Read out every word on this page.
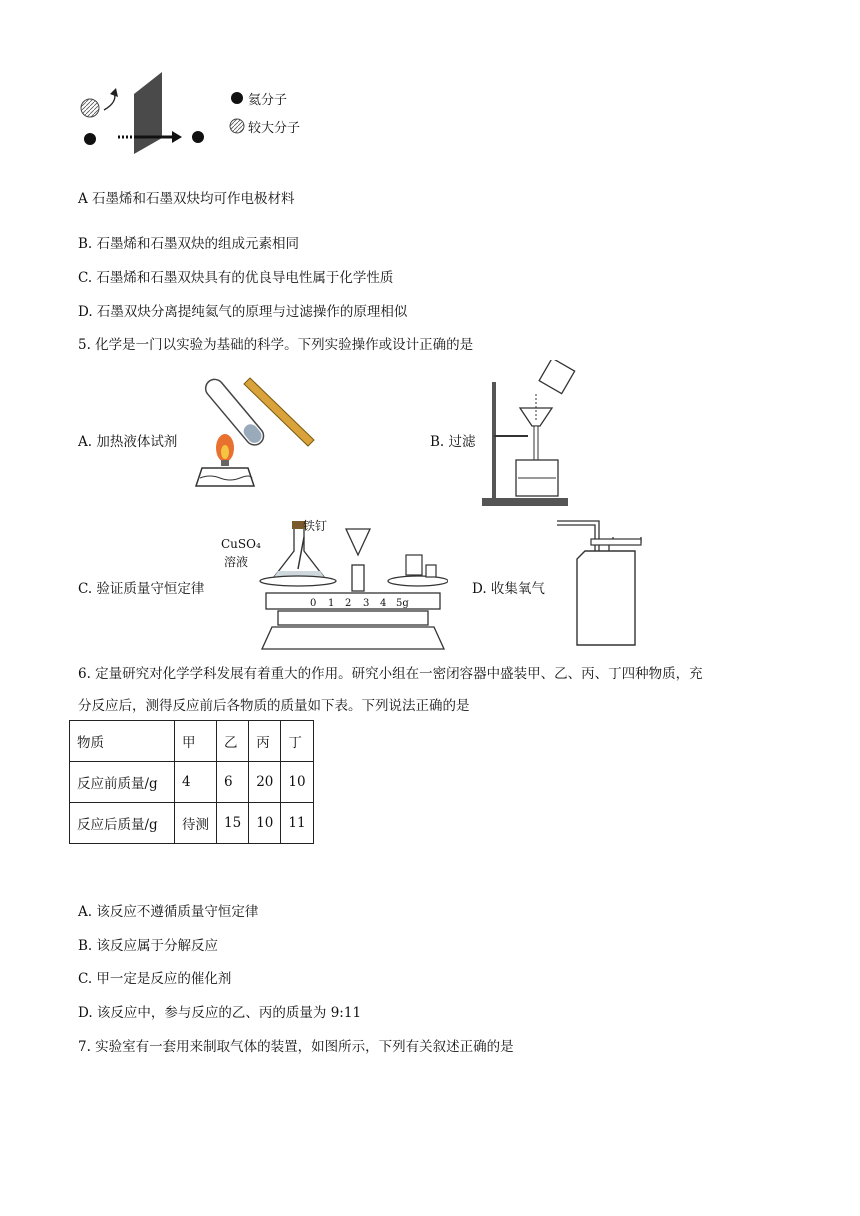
氦分子
较大分子
A 石墨烯和石墨双炔均可作电极材料
B. 石墨烯和石墨双炔的组成元素相同
C. 石墨烯和石墨双炔具有的优良导电性属于化学性质
D. 石墨双炔分离提纯氦气的原理与过滤操作的原理相似
5. 化学是一门以实验为基础的科学。下列实验操作或设计正确的是
A. 加热液体试剂	B. 过滤
铁钉
CuSO₄
溶液
0 1 2 3 4 5g
C. 验证质量守恒定律	D. 收集氧气
6. 定量研究对化学学科发展有着重大的作用。研究小组在一密闭容器中盛装甲、乙、丙、丁四种物质，充
分反应后，测得反应前后各物质的质量如下表。下列说法正确的是
物质	甲	乙	丙	丁
反应前质量/g	4	6	20	10
反应后质量/g	待测	15	10	11
A. 该反应不遵循质量守恒定律
B. 该反应属于分解反应
C. 甲一定是反应的催化剂
D. 该反应中，参与反应的乙、丙的质量为 9:11
7. 实验室有一套用来制取气体的装置，如图所示，下列有关叙述正确的是
